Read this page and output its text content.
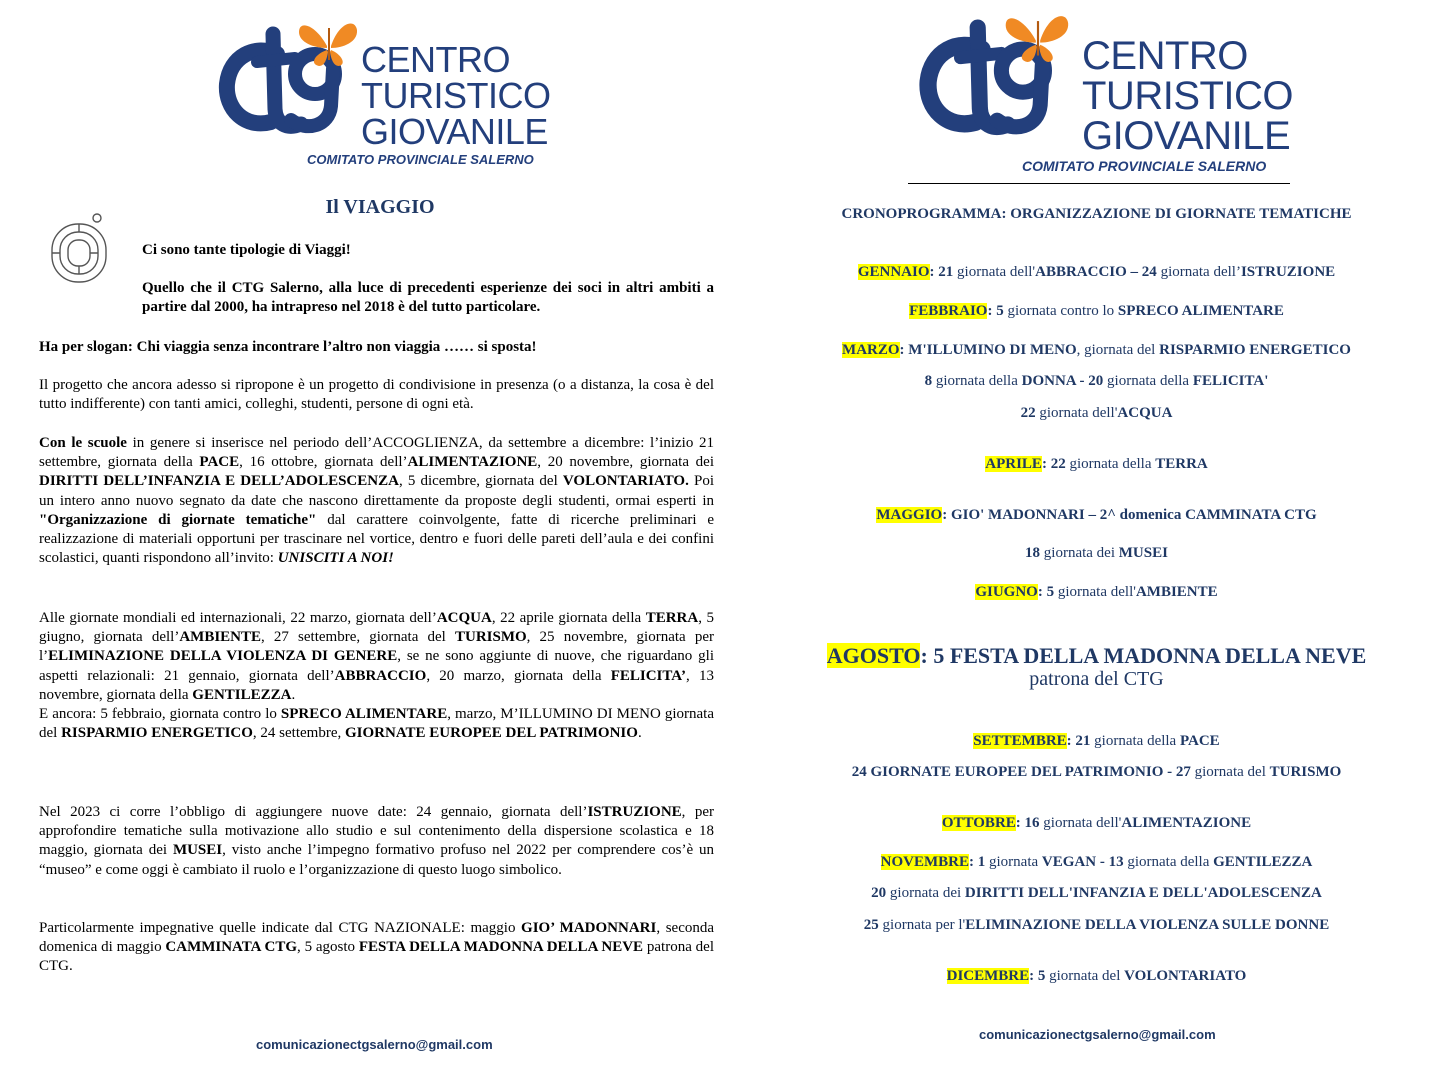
CENTRO
TURISTICO
GIOVANILE
COMITATO PROVINCIALE SALERNO
Il VIAGGIO
Ci sono tante tipologie di Viaggi!
Quello che il CTG Salerno, alla luce di precedenti esperienze dei soci in altri ambiti a partire dal 2000, ha intrapreso nel 2018 è del tutto particolare.
Ha per slogan: Chi viaggia senza incontrare l’altro non viaggia …… si sposta!
Il progetto che ancora adesso si ripropone è un progetto di condivisione in presenza (o a distanza, la cosa è del tutto indifferente) con tanti amici, colleghi, studenti, persone di ogni età.
Con le scuole in genere si inserisce nel periodo dell’ACCOGLIENZA, da settembre a dicembre: l’inizio 21 settembre, giornata della PACE, 16 ottobre, giornata dell’ALIMENTAZIONE, 20 novembre, giornata dei DIRITTI DELL’INFANZIA E DELL’ADOLESCENZA, 5 dicembre, giornata del VOLONTARIATO. Poi un intero anno nuovo segnato da date che nascono direttamente da proposte degli studenti, ormai esperti in "Organizzazione di giornate tematiche" dal carattere coinvolgente, fatte di ricerche preliminari e realizzazione di materiali opportuni per trascinare nel vortice, dentro e fuori delle pareti dell’aula e dei confini scolastici, quanti rispondono all’invito: UNISCITI A NOI!
Alle giornate mondiali ed internazionali, 22 marzo, giornata dell’ACQUA, 22 aprile giornata della TERRA, 5 giugno, giornata dell’AMBIENTE, 27 settembre, giornata del TURISMO, 25 novembre, giornata per l’ELIMINAZIONE DELLA VIOLENZA DI GENERE, se ne sono aggiunte di nuove, che riguardano gli aspetti relazionali: 21 gennaio, giornata dell’ABBRACCIO, 20 marzo, giornata della FELICITA’, 13 novembre, giornata della GENTILEZZA.
E ancora: 5 febbraio, giornata contro lo SPRECO ALIMENTARE, marzo, M’ILLUMINO DI MENO giornata del RISPARMIO ENERGETICO, 24 settembre, GIORNATE EUROPEE DEL PATRIMONIO.
Nel 2023 ci corre l’obbligo di aggiungere nuove date: 24 gennaio, giornata dell’ISTRUZIONE, per approfondire tematiche sulla motivazione allo studio e sul contenimento della dispersione scolastica e 18 maggio, giornata dei MUSEI, visto anche l’impegno formativo profuso nel 2022 per comprendere cos’è un “museo” e come oggi è cambiato il ruolo e l’organizzazione di questo luogo simbolico.
Particolarmente impegnative quelle indicate dal CTG NAZIONALE: maggio GIO’ MADONNARI, seconda domenica di maggio CAMMINATA CTG, 5 agosto FESTA DELLA MADONNA DELLA NEVE patrona del CTG.
comunicazionectgsalerno@gmail.com
CENTRO
TURISTICO
GIOVANILE
COMITATO PROVINCIALE SALERNO
CRONOPROGRAMMA: ORGANIZZAZIONE DI GIORNATE TEMATICHE
GENNAIO: 21 giornata dell'ABBRACCIO – 24 giornata dell’ISTRUZIONE
FEBBRAIO: 5 giornata contro lo SPRECO ALIMENTARE
MARZO: M'ILLUMINO DI MENO, giornata del RISPARMIO ENERGETICO
8 giornata della DONNA - 20 giornata della FELICITA'
22 giornata dell'ACQUA
APRILE: 22 giornata della TERRA
MAGGIO: GIO' MADONNARI – 2^ domenica CAMMINATA CTG
18 giornata dei MUSEI
GIUGNO: 5 giornata dell'AMBIENTE
AGOSTO: 5 FESTA DELLA MADONNA DELLA NEVE
patrona del CTG
SETTEMBRE: 21 giornata della PACE
24 GIORNATE EUROPEE DEL PATRIMONIO - 27 giornata del TURISMO
OTTOBRE: 16 giornata dell'ALIMENTAZIONE
NOVEMBRE: 1 giornata VEGAN - 13 giornata della GENTILEZZA
20 giornata dei DIRITTI DELL'INFANZIA E DELL'ADOLESCENZA
25 giornata per l'ELIMINAZIONE DELLA VIOLENZA SULLE DONNE
DICEMBRE: 5 giornata del VOLONTARIATO
comunicazionectgsalerno@gmail.com
